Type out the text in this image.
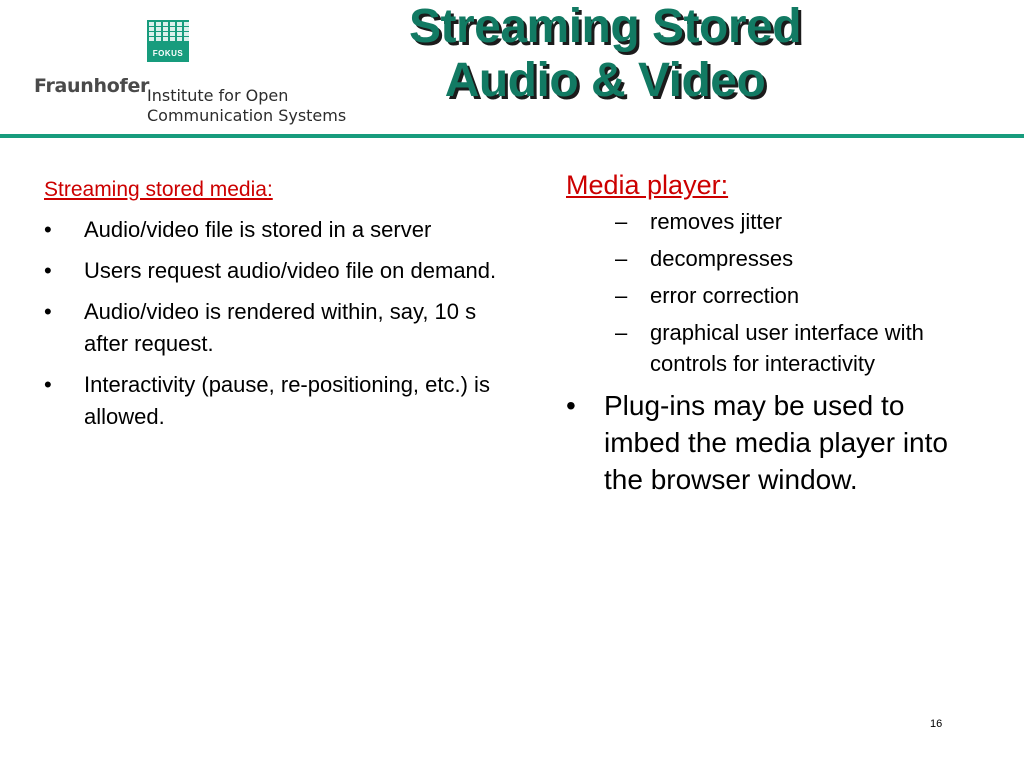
FOKUS
Fraunhofer
Institute for Open
Communication Systems
Streaming Stored
Audio & Video
Streaming stored media:
• Audio/video file is stored in a server
• Users request audio/video file on demand.
• Audio/video is rendered within, say, 10 s after request.
• Interactivity (pause, re-positioning, etc.) is allowed.
Media player:
– removes jitter
– decompresses
– error correction
– graphical user interface with controls for interactivity
• Plug-ins may be used to imbed the media player into the browser window.
16
